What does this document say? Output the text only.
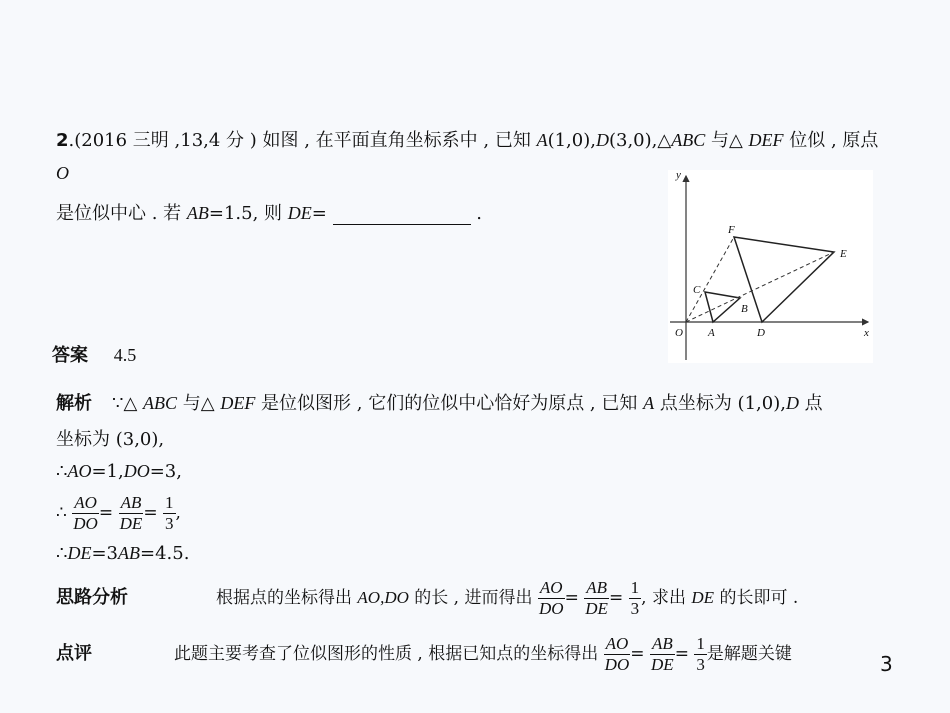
2.(2016 三明 ,13,4 分 ) 如图 , 在平面直角坐标系中 , 已知 A(1,0),D(3,0),△ABC 与△ DEF 位似 , 原点
O
是位似中心 . 若 AB=1.5, 则 DE=	.
x
y
O A
B
C
D
E
F
答案 4.5
解析 ∵△ ABC 与△ DEF 是位似图形 , 它们的位似中心恰好为原点 , 已知 A 点坐标为 (1,0),D 点
坐标为 (3,0),
∴AO=1,DO=3,
∴ $\frac{AO}{DO} = \frac{AB}{DE} = \frac{1}{3}$ ,
∴DE=3AB=4.5.
思路分析	根据点的坐标得出 AO,DO 的长 , 进而得出 $\frac{AO}{DO} = \frac{AB}{DE} = \frac{1}{3}$ , 求出 DE 的长即可 .
点评	此题主要考查了位似图形的性质 , 根据已知点的坐标得出 $\frac{AO}{DO} = \frac{AB}{DE} = \frac{1}{3}$ 是解题关键	3
